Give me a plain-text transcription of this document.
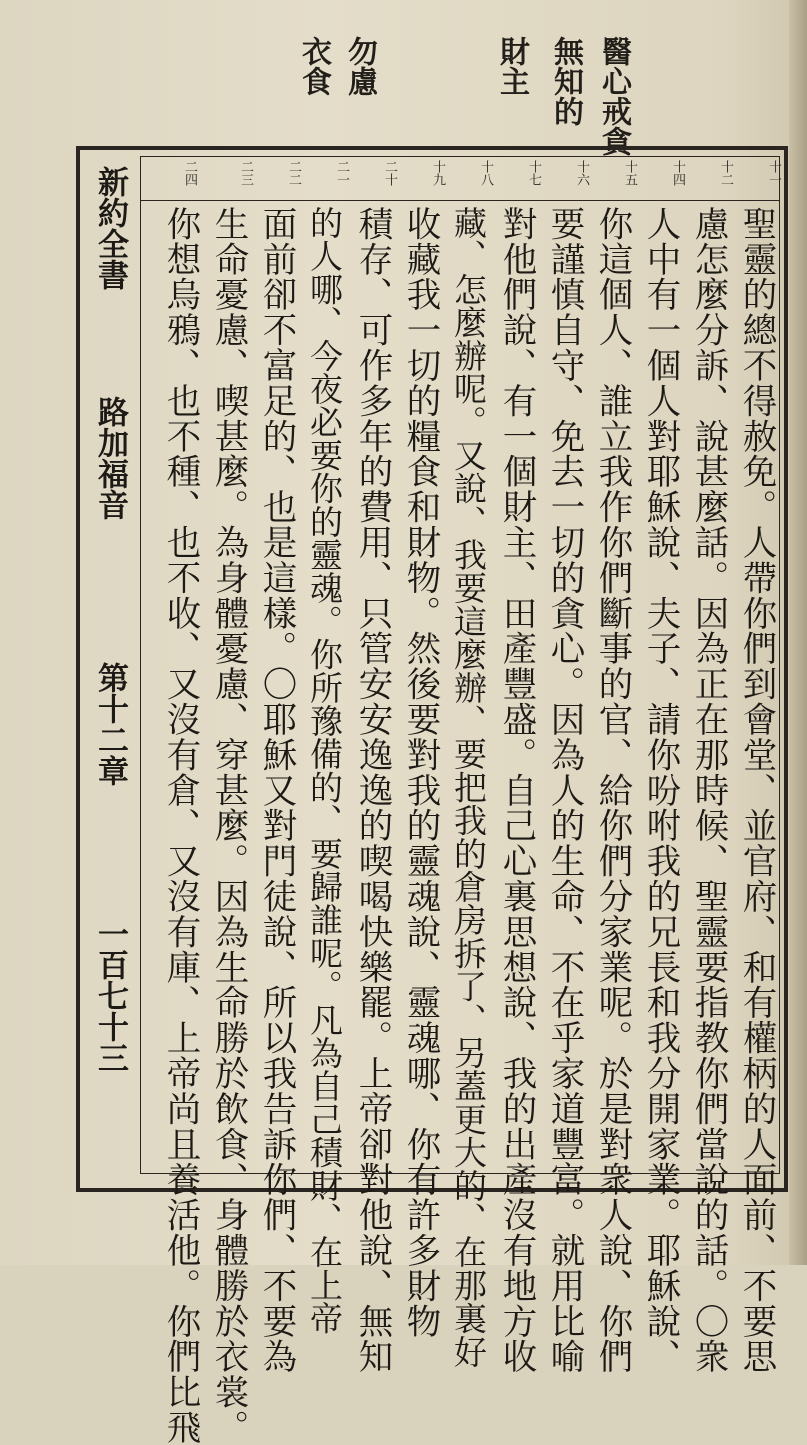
醫心戒貪
無知的
財主
勿慮
衣食
十一
十二
十四
十五
十六
十七
十八
十九
二十
二一
二二
二三
二四
聖靈的總不得赦免。人帶你們到會堂、並官府、和有權柄的人面前、不要思
慮怎麼分訴、說甚麼話。因為正在那時候、聖靈要指教你們當說的話。〇衆
人中有一個人對耶穌說、夫子、請你吩咐我的兄長和我分開家業。耶穌說、
你這個人、誰立我作你們斷事的官、給你們分家業呢。於是對衆人說、你們
要謹慎自守、免去一切的貪心。因為人的生命、不在乎家道豐富。就用比喻
對他們說、有一個財主、田產豐盛。自己心裏思想說、我的出產沒有地方收
藏、怎麼辦呢。又說、我要這麼辦、要把我的倉房拆了、另蓋更大的、在那裏好
收藏我一切的糧食和財物。然後要對我的靈魂說、靈魂哪、你有許多財物
積存、可作多年的費用、只管安安逸逸的喫喝快樂罷。上帝卻對他說、無知
的人哪、今夜必要你的靈魂。你所豫備的、要歸誰呢。凡為自己積財、在上帝
面前卻不富足的、也是這樣。〇耶穌又對門徒說、所以我告訴你們、不要為
生命憂慮、喫甚麼。為身體憂慮、穿甚麼。因為生命勝於飲食、身體勝於衣裳。
你想烏鴉、也不種、也不收、又沒有倉、又沒有庫、上帝尚且養活他。你們比飛
新約全書
路加福音
第十二章
一百七十三
